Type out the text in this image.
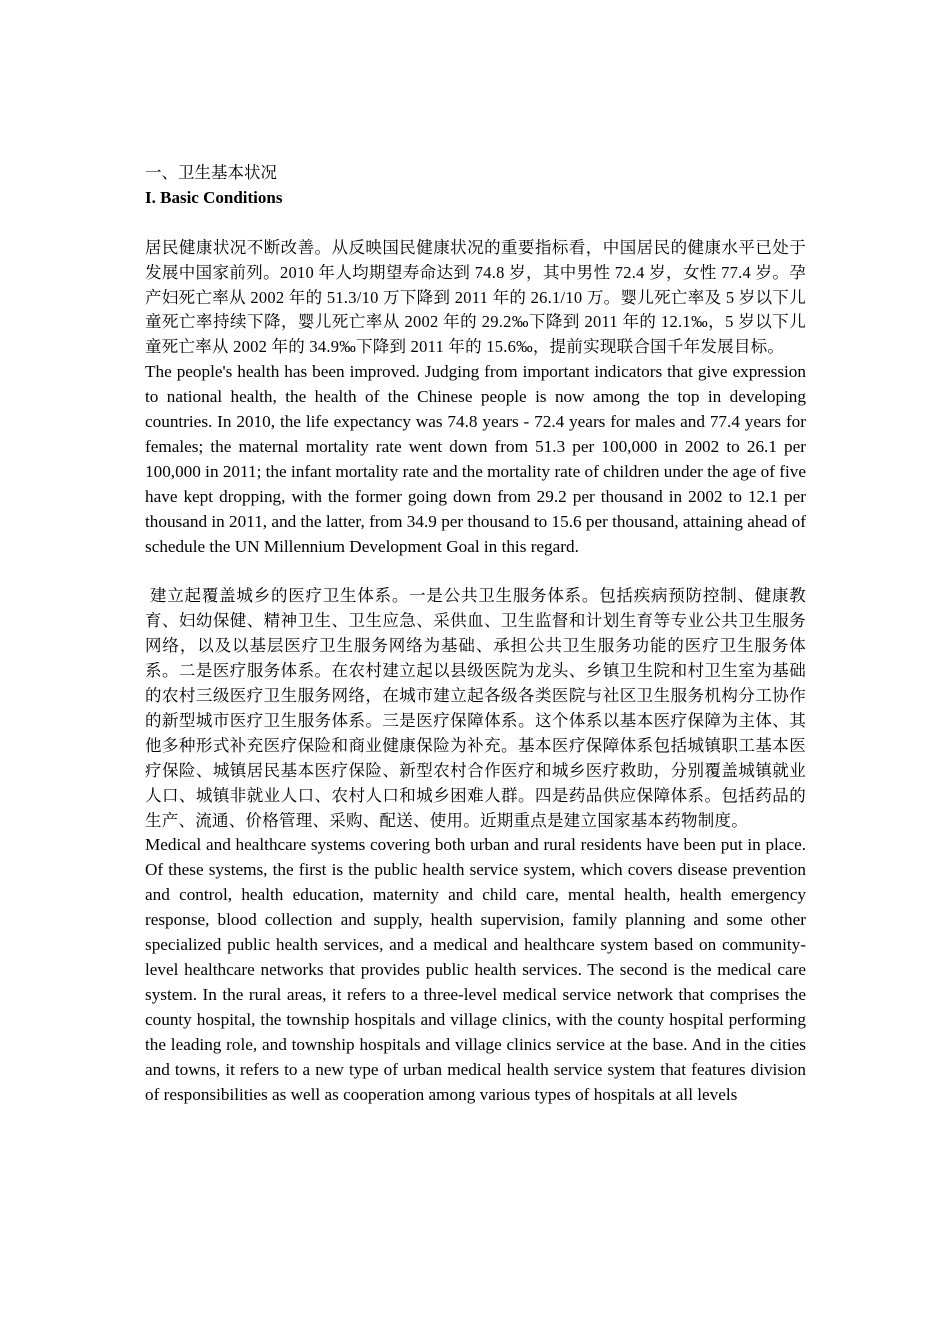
一、卫生基本状况

I. Basic Conditions

居民健康状况不断改善。从反映国民健康状况的重要指标看，中国居民的健康水平已处于发展中国家前列。2010 年人均期望寿命达到 74.8 岁，其中男性 72.4 岁，女性 77.4 岁。孕产妇死亡率从 2002 年的 51.3/10 万下降到 2011 年的 26.1/10 万。婴儿死亡率及 5 岁以下儿童死亡率持续下降，婴儿死亡率从 2002 年的 29.2‰下降到 2011 年的 12.1‰，5 岁以下儿童死亡率从 2002 年的 34.9‰下降到 2011 年的 15.6‰，提前实现联合国千年发展目标。

The people's health has been improved. Judging from important indicators that give expression to national health, the health of the Chinese people is now among the top in developing countries. In 2010, the life expectancy was 74.8 years - 72.4 years for males and 77.4 years for females; the maternal mortality rate went down from 51.3 per 100,000 in 2002 to 26.1 per 100,000 in 2011; the infant mortality rate and the mortality rate of children under the age of five have kept dropping, with the former going down from 29.2 per thousand in 2002 to 12.1 per thousand in 2011, and the latter, from 34.9 per thousand to 15.6 per thousand, attaining ahead of schedule the UN Millennium Development Goal in this regard.

建立起覆盖城乡的医疗卫生体系。一是公共卫生服务体系。包括疾病预防控制、健康教育、妇幼保健、精神卫生、卫生应急、采供血、卫生监督和计划生育等专业公共卫生服务网络，以及以基层医疗卫生服务网络为基础、承担公共卫生服务功能的医疗卫生服务体系。二是医疗服务体系。在农村建立起以县级医院为龙头、乡镇卫生院和村卫生室为基础的农村三级医疗卫生服务网络，在城市建立起各级各类医院与社区卫生服务机构分工协作的新型城市医疗卫生服务体系。三是医疗保障体系。这个体系以基本医疗保障为主体、其他多种形式补充医疗保险和商业健康保险为补充。基本医疗保障体系包括城镇职工基本医疗保险、城镇居民基本医疗保险、新型农村合作医疗和城乡医疗救助，分别覆盖城镇就业人口、城镇非就业人口、农村人口和城乡困难人群。四是药品供应保障体系。包括药品的生产、流通、价格管理、采购、配送、使用。近期重点是建立国家基本药物制度。

Medical and healthcare systems covering both urban and rural residents have been put in place. Of these systems, the first is the public health service system, which covers disease prevention and control, health education, maternity and child care, mental health, health emergency response, blood collection and supply, health supervision, family planning and some other specialized public health services, and a medical and healthcare system based on community-level healthcare networks that provides public health services. The second is the medical care system. In the rural areas, it refers to a three-level medical service network that comprises the county hospital, the township hospitals and village clinics, with the county hospital performing the leading role, and township hospitals and village clinics service at the base. And in the cities and towns, it refers to a new type of urban medical health service system that features division of responsibilities as well as cooperation among various types of hospitals at all levels
